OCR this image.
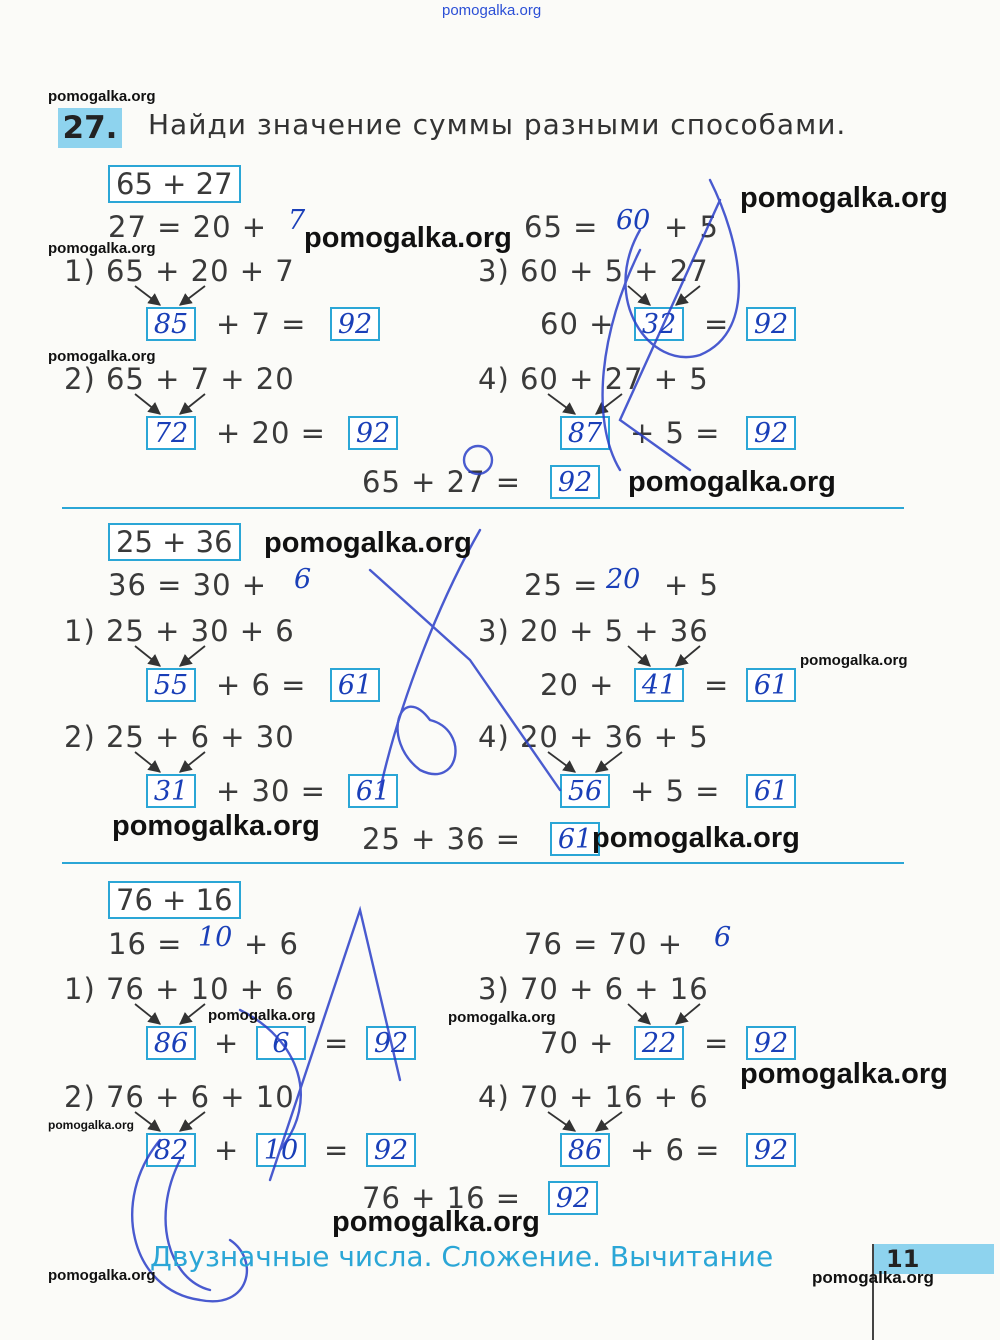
pomogalka.org
27. Найди значение суммы разными способами.
65 + 27
27 = 20 + 7
1) 65 + 20 + 7
85 + 7 = 92
2) 65 + 7 + 20
72 + 20 = 92
65 = 60 + 5
3) 60 + 5 + 27
60 + 32 = 92
4) 60 + 27 + 5
87 + 5 = 92
65 + 27 = 92
25 + 36
36 = 30 + 6
1) 25 + 30 + 6
55 + 6 = 61
2) 25 + 6 + 30
31 + 30 = 61
25 = 20 + 5
3) 20 + 5 + 36
20 + 41 = 61
4) 20 + 36 + 5
56 + 5 = 61
25 + 36 = 61
76 + 16
16 = 10 + 6
1) 76 + 10 + 6
86 +	6	= 92
2) 76 + 6 + 10
82 + 10 = 92
76 = 70 + 6
3) 70 + 6 + 16
70 + 22 = 92
4) 70 + 16 + 6
86 + 6 = 92
76 + 16 = 92
Двузначные числа. Сложение. Вычитание	11
pomogalka.org
pomogalka.org
pomogalka.org
pomogalka.org
pomogalka.org
pomogalka.org
pomogalka.org
pomogalka.org
pomogalka.org	pomogalka.org
pomogalka.org	pomogalka.org
pomogalka.org
pomogalka.org
pomogalka.org
pomogalka.org	pomogalka.org
